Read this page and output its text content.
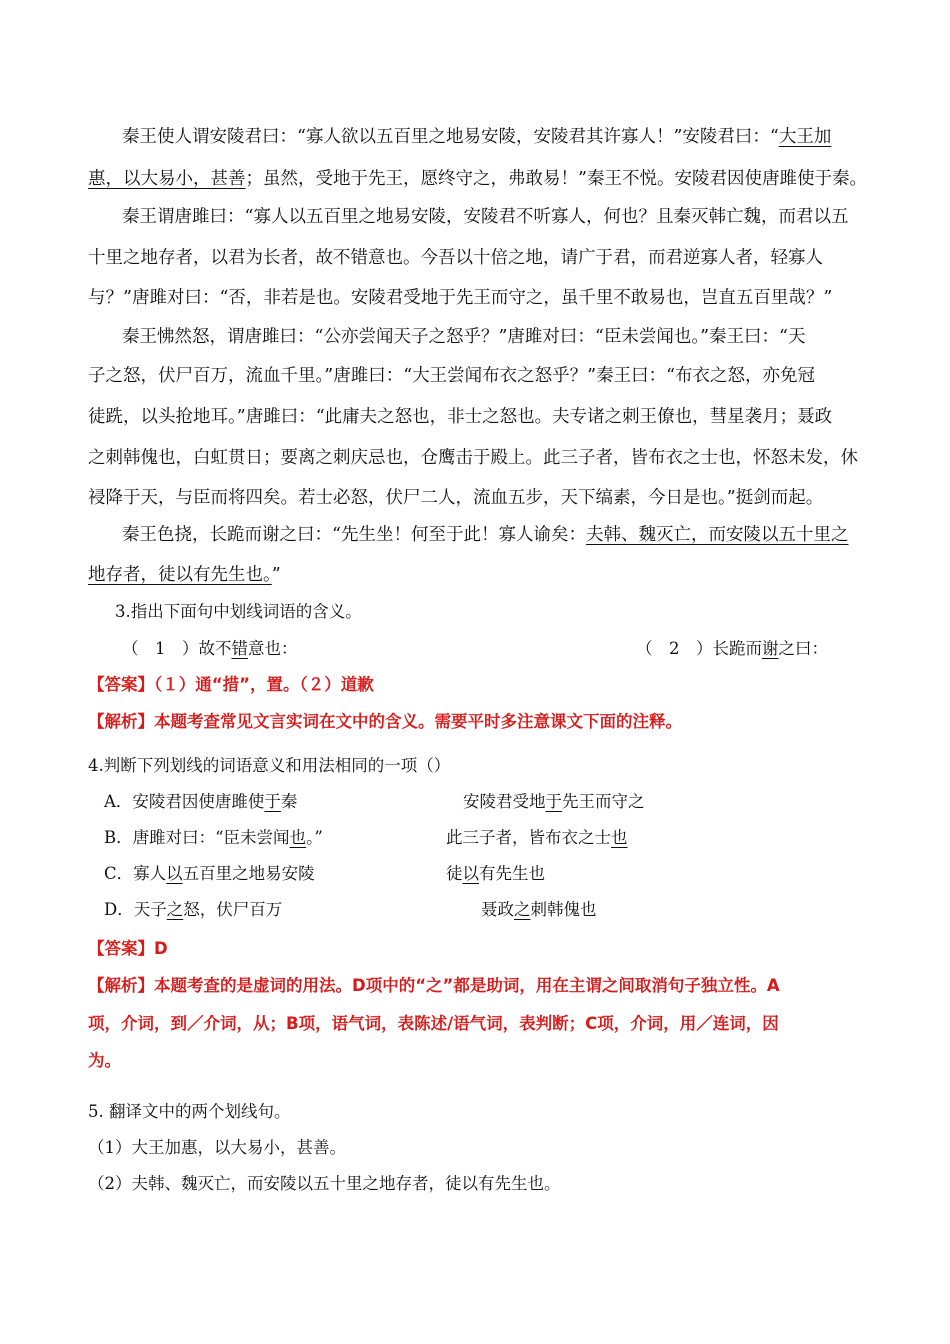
秦王使人谓安陵君曰：“寡人欲以五百里之地易安陵，安陵君其许寡人！”安陵君曰：“大王加
惠，以大易小，甚善；虽然，受地于先王，愿终守之，弗敢易！”秦王不悦。安陵君因使唐雎使于秦。
秦王谓唐雎曰：“寡人以五百里之地易安陵，安陵君不听寡人，何也？且秦灭韩亡魏，而君以五
十里之地存者，以君为长者，故不错意也。今吾以十倍之地，请广于君，而君逆寡人者，轻寡人
与？”唐雎对曰：“否，非若是也。安陵君受地于先王而守之，虽千里不敢易也，岂直五百里哉？”
秦王怫然怒，谓唐雎曰：“公亦尝闻天子之怒乎？”唐雎对曰：“臣未尝闻也。”秦王曰：“天
子之怒，伏尸百万，流血千里。”唐雎曰：“大王尝闻布衣之怒乎？”秦王曰：“布衣之怒，亦免冠
徒跣，以头抢地耳。”唐雎曰：“此庸夫之怒也，非士之怒也。夫专诸之刺王僚也，彗星袭月；聂政
之刺韩傀也，白虹贯日；要离之刺庆忌也，仓鹰击于殿上。此三子者，皆布衣之士也，怀怒未发，休
祲降于天，与臣而将四矣。若士必怒，伏尸二人，流血五步，天下缟素，今日是也。”挺剑而起。
秦王色挠，长跪而谢之曰：“先生坐！何至于此！寡人谕矣：夫韩、魏灭亡，而安陵以五十里之
地存者，徒以有先生也。”
3.指出下面句中划线词语的含义。
（　1　）故不错意也：	（　2　）长跪而谢之曰：
【答案】（１）通“措”，置。（２）道歉
【解析】本题考查常见文言实词在文中的含义。需要平时多注意课文下面的注释。
4.判断下列划线的词语意义和用法相同的一项（）
A．安陵君因使唐雎使于秦	安陵君受地于先王而守之
B．唐雎对曰：“臣未尝闻也。”	此三子者，皆布衣之士也
C．寡人以五百里之地易安陵	徒以有先生也
D．天子之怒，伏尸百万	聂政之刺韩傀也
【答案】D
【解析】本题考查的是虚词的用法。D项中的“之”都是助词，用在主谓之间取消句子独立性。A
项，介词，到／介词，从；B项，语气词，表陈述/语气词，表判断；C项，介词，用／连词，因
为。
5. 翻译文中的两个划线句。
（1）大王加惠，以大易小，甚善。
（2）夫韩、魏灭亡，而安陵以五十里之地存者，徒以有先生也。
